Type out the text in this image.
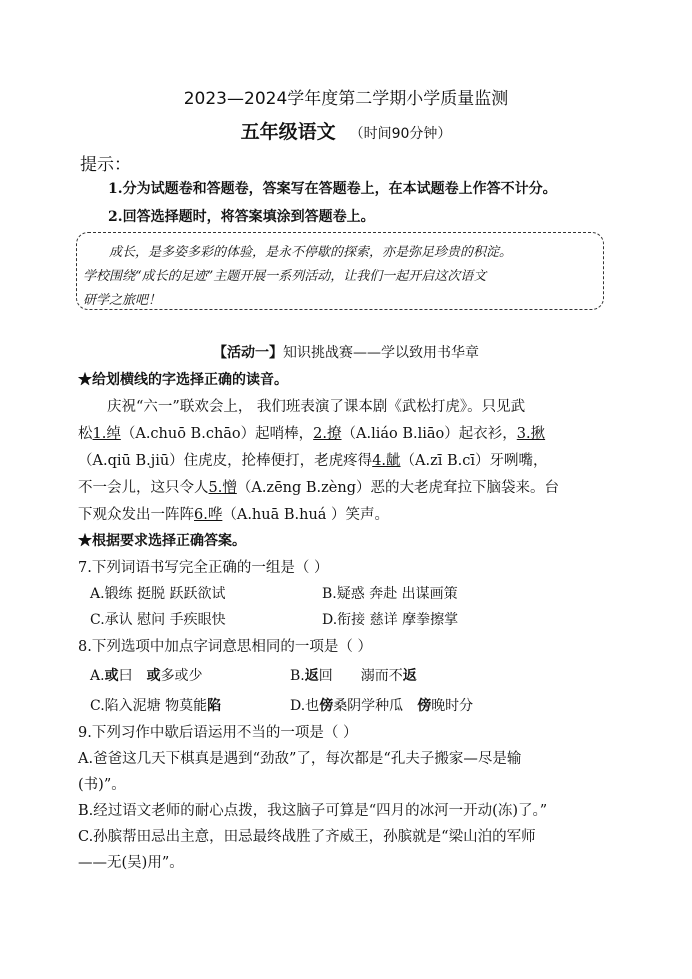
2023—2024学年度第二学期小学质量监测
五年级语文 （时间90分钟）
提示：
1.分为试题卷和答题卷，答案写在答题卷上，在本试题卷上作答不计分。
2.回答选择题时，将答案填涂到答题卷上。
成长，是多姿多彩的体验，是永不停歇的探索，亦是弥足珍贵的积淀。
学校围绕“成长的足迹”主题开展一系列活动，让我们一起开启这次语文
研学之旅吧！
【活动一】知识挑战赛——学以致用书华章
★给划横线的字选择正确的读音。

庆祝“六一”联欢会上， 我们班表演了课本剧《武松打虎》。只见武

松1.绰（A.chuō B.chāo）起哨棒，2.撩（A.liáo B.liāo）起衣衫，3.揪

（A.qiū B.jiū）住虎皮，抡棒便打，老虎疼得4.龇（A.zī B.cī）牙咧嘴，

不一会儿，这只令人5.憎（A.zēng B.zèng）恶的大老虎耷拉下脑袋来。台

下观众发出一阵阵6.哗（A.huā B.huá ）笑声。

★根据要求选择正确答案。
7.下列词语书写完全正确的一组是（ ）
A.锻练 挺脱 跃跃欲试	B.疑惑 奔赴 出谋画策
C.承认 慰问 手疾眼快	D.衔接 慈详 摩拳擦掌
8.下列选项中加点字词意思相同的一项是（ ）
A.或曰 或多或少	B.返回 溺而不返
C.陷入泥塘 物莫能陷	D.也傍桑阴学种瓜 傍晚时分
9.下列习作中歇后语运用不当的一项是（ ）

A.爸爸这几天下棋真是遇到“劲敌”了，每次都是“孔夫子搬家—尽是输

(书)”。

B.经过语文老师的耐心点拨，我这脑子可算是“四月的冰河一开动(冻)了。”

C.孙膑帮田忌出主意，田忌最终战胜了齐威王，孙膑就是“梁山泊的军师

——无(吴)用”。
